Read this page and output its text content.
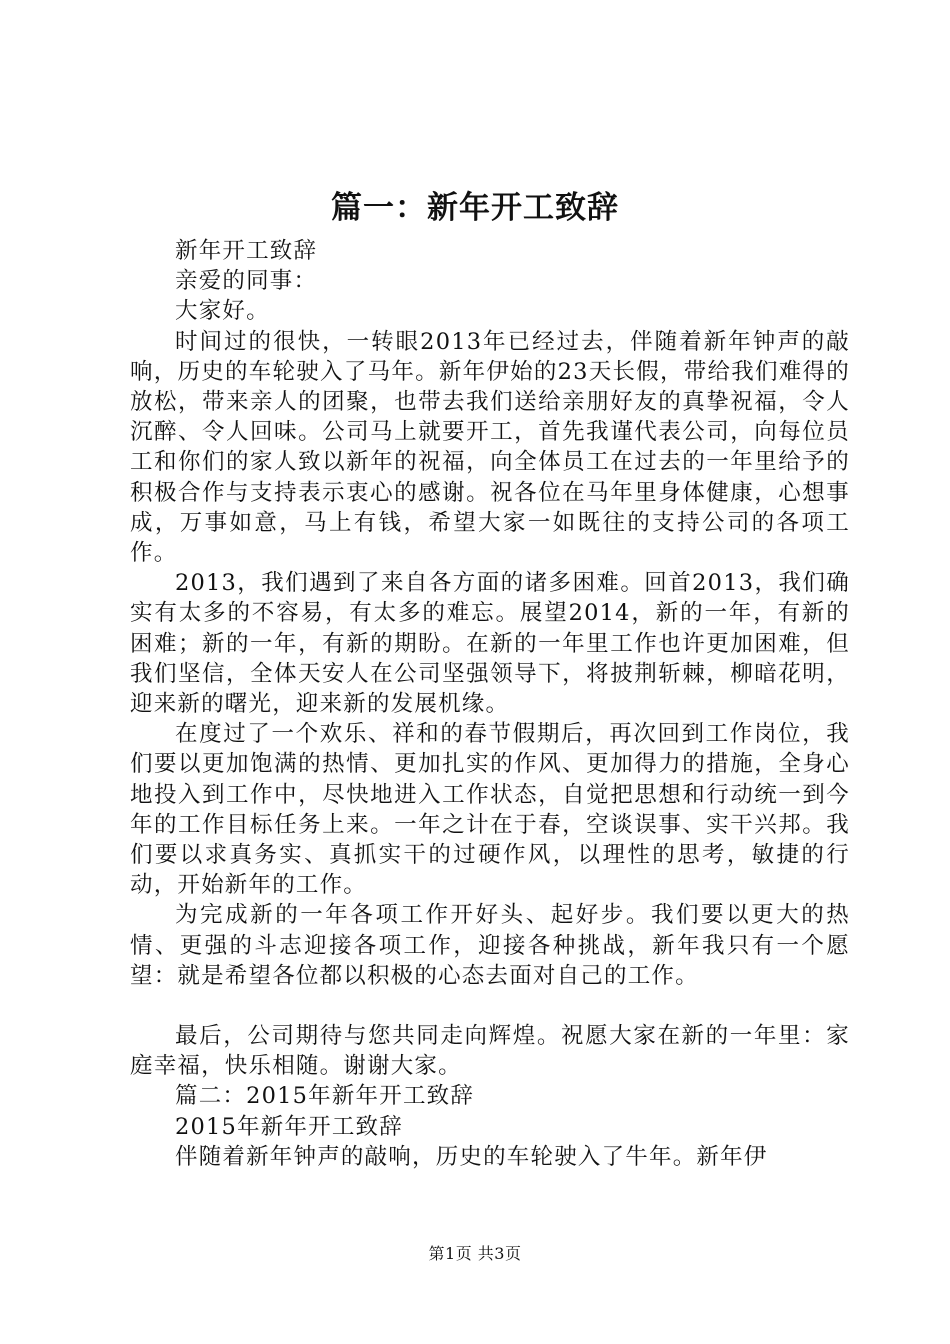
篇一：新年开工致辞

新年开工致辞

亲爱的同事：

大家好。

时间过的很快，一转眼2013年已经过去，伴随着新年钟声的敲响，历史的车轮驶入了马年。新年伊始的23天长假，带给我们难得的放松，带来亲人的团聚，也带去我们送给亲朋好友的真挚祝福，令人沉醉、令人回味。公司马上就要开工，首先我谨代表公司，向每位员工和你们的家人致以新年的祝福，向全体员工在过去的一年里给予的积极合作与支持表示衷心的感谢。祝各位在马年里身体健康，心想事成，万事如意，马上有钱，希望大家一如既往的支持公司的各项工作。

2013，我们遇到了来自各方面的诸多困难。回首2013，我们确实有太多的不容易，有太多的难忘。展望2014，新的一年，有新的困难；新的一年，有新的期盼。在新的一年里工作也许更加困难，但我们坚信，全体天安人在公司坚强领导下，将披荆斩棘，柳暗花明，迎来新的曙光，迎来新的发展机缘。

在度过了一个欢乐、祥和的春节假期后，再次回到工作岗位，我们要以更加饱满的热情、更加扎实的作风、更加得力的措施，全身心地投入到工作中，尽快地进入工作状态，自觉把思想和行动统一到今年的工作目标任务上来。一年之计在于春，空谈误事、实干兴邦。我们要以求真务实、真抓实干的过硬作风，以理性的思考，敏捷的行动，开始新年的工作。

为完成新的一年各项工作开好头、起好步。我们要以更大的热情、更强的斗志迎接各项工作，迎接各种挑战，新年我只有一个愿望：就是希望各位都以积极的心态去面对自己的工作。

最后，公司期待与您共同走向辉煌。祝愿大家在新的一年里：家庭幸福，快乐相随。谢谢大家。

篇二：2015年新年开工致辞

2015年新年开工致辞

伴随着新年钟声的敲响，历史的车轮驶入了牛年。新年伊

第1页 共3页
